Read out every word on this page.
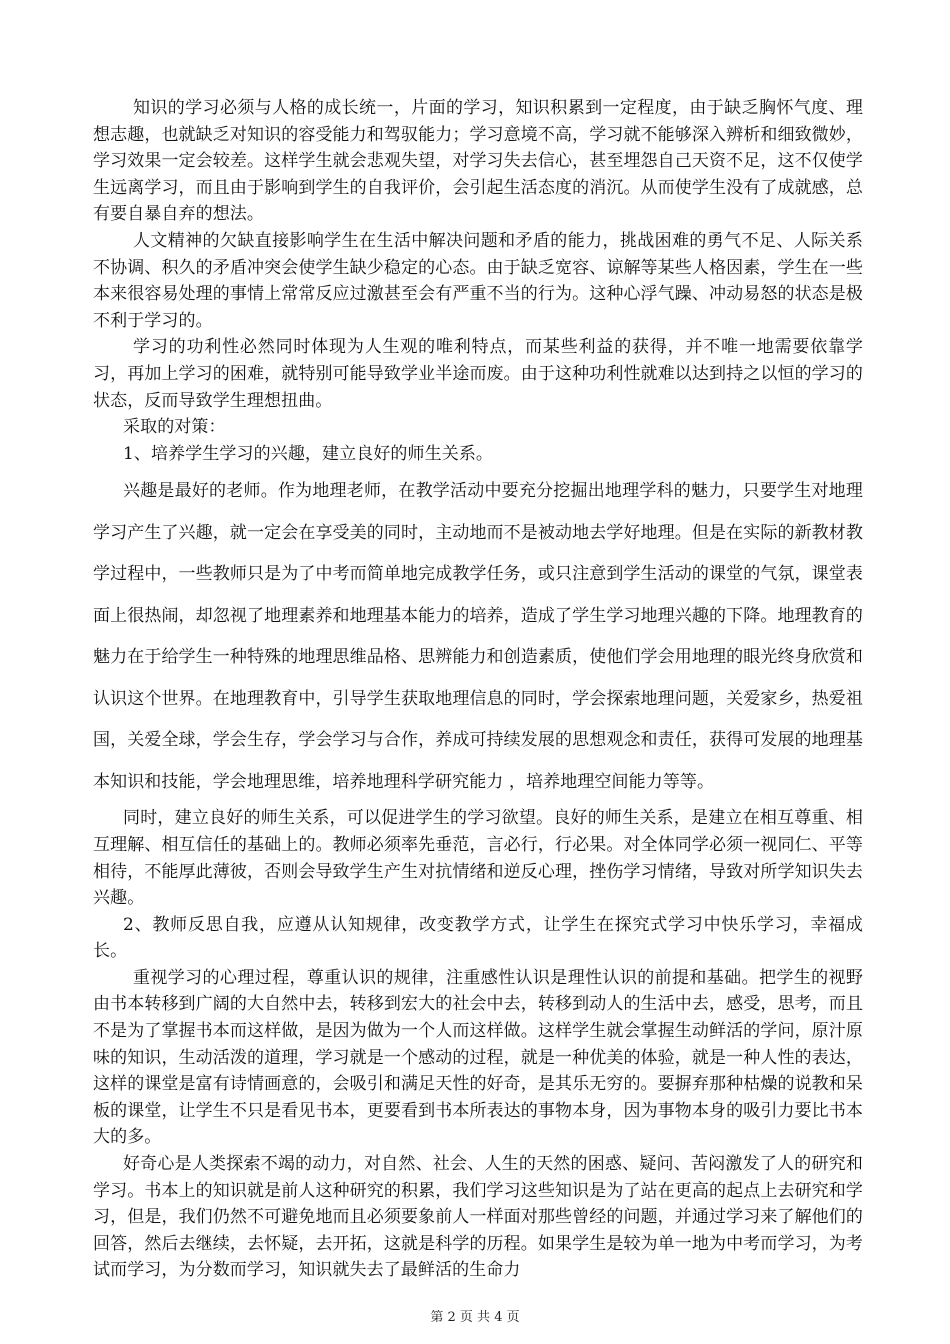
知识的学习必须与人格的成长统一，片面的学习，知识积累到一定程度，由于缺乏胸怀气度、理想志趣，也就缺乏对知识的容受能力和驾驭能力；学习意境不高，学习就不能够深入辨析和细致微妙，学习效果一定会较差。这样学生就会悲观失望，对学习失去信心，甚至埋怨自己天资不足，这不仅使学生远离学习，而且由于影响到学生的自我评价，会引起生活态度的消沉。从而使学生没有了成就感，总有要自暴自弃的想法。

人文精神的欠缺直接影响学生在生活中解决问题和矛盾的能力，挑战困难的勇气不足、人际关系不协调、积久的矛盾冲突会使学生缺少稳定的心态。由于缺乏宽容、谅解等某些人格因素，学生在一些本来很容易处理的事情上常常反应过激甚至会有严重不当的行为。这种心浮气躁、冲动易怒的状态是极不利于学习的。

学习的功利性必然同时体现为人生观的唯利特点，而某些利益的获得，并不唯一地需要依靠学习，再加上学习的困难，就特别可能导致学业半途而废。由于这种功利性就难以达到持之以恒的学习的状态，反而导致学生理想扭曲。

采取的对策：

1、培养学生学习的兴趣，建立良好的师生关系。

兴趣是最好的老师。作为地理老师，在教学活动中要充分挖掘出地理学科的魅力，只要学生对地理学习产生了兴趣，就一定会在享受美的同时，主动地而不是被动地去学好地理。但是在实际的新教材教学过程中，一些教师只是为了中考而简单地完成教学任务，或只注意到学生活动的课堂的气氛，课堂表面上很热闹，却忽视了地理素养和地理基本能力的培养，造成了学生学习地理兴趣的下降。地理教育的魅力在于给学生一种特殊的地理思维品格、思辨能力和创造素质，使他们学会用地理的眼光终身欣赏和认识这个世界。在地理教育中，引导学生获取地理信息的同时，学会探索地理问题，关爱家乡，热爱祖国，关爱全球，学会生存，学会学习与合作，养成可持续发展的思想观念和责任，获得可发展的地理基本知识和技能，学会地理思维，培养地理科学研究能力 ，培养地理空间能力等等。

同时，建立良好的师生关系，可以促进学生的学习欲望。良好的师生关系，是建立在相互尊重、相互理解、相互信任的基础上的。教师必须率先垂范，言必行，行必果。对全体同学必须一视同仁、平等相待，不能厚此薄彼，否则会导致学生产生对抗情绪和逆反心理，挫伤学习情绪，导致对所学知识失去兴趣。

2、教师反思自我，应遵从认知规律，改变教学方式，让学生在探究式学习中快乐学习，幸福成长。

重视学习的心理过程，尊重认识的规律，注重感性认识是理性认识的前提和基础。把学生的视野由书本转移到广阔的大自然中去，转移到宏大的社会中去，转移到动人的生活中去，感受，思考，而且不是为了掌握书本而这样做，是因为做为一个人而这样做。这样学生就会掌握生动鲜活的学问，原汁原味的知识，生动活泼的道理，学习就是一个感动的过程，就是一种优美的体验，就是一种人性的表达，这样的课堂是富有诗情画意的，会吸引和满足天性的好奇，是其乐无穷的。要摒弃那种枯燥的说教和呆板的课堂，让学生不只是看见书本，更要看到书本所表达的事物本身，因为事物本身的吸引力要比书本大的多。

好奇心是人类探索不竭的动力，对自然、社会、人生的天然的困惑、疑问、苦闷激发了人的研究和学习。书本上的知识就是前人这种研究的积累，我们学习这些知识是为了站在更高的起点上去研究和学习，但是，我们仍然不可避免地而且必须要象前人一样面对那些曾经的问题，并通过学习来了解他们的回答，然后去继续，去怀疑，去开拓，这就是科学的历程。如果学生是较为单一地为中考而学习，为考试而学习，为分数而学习，知识就失去了最鲜活的生命力

第 2 页 共 4 页
